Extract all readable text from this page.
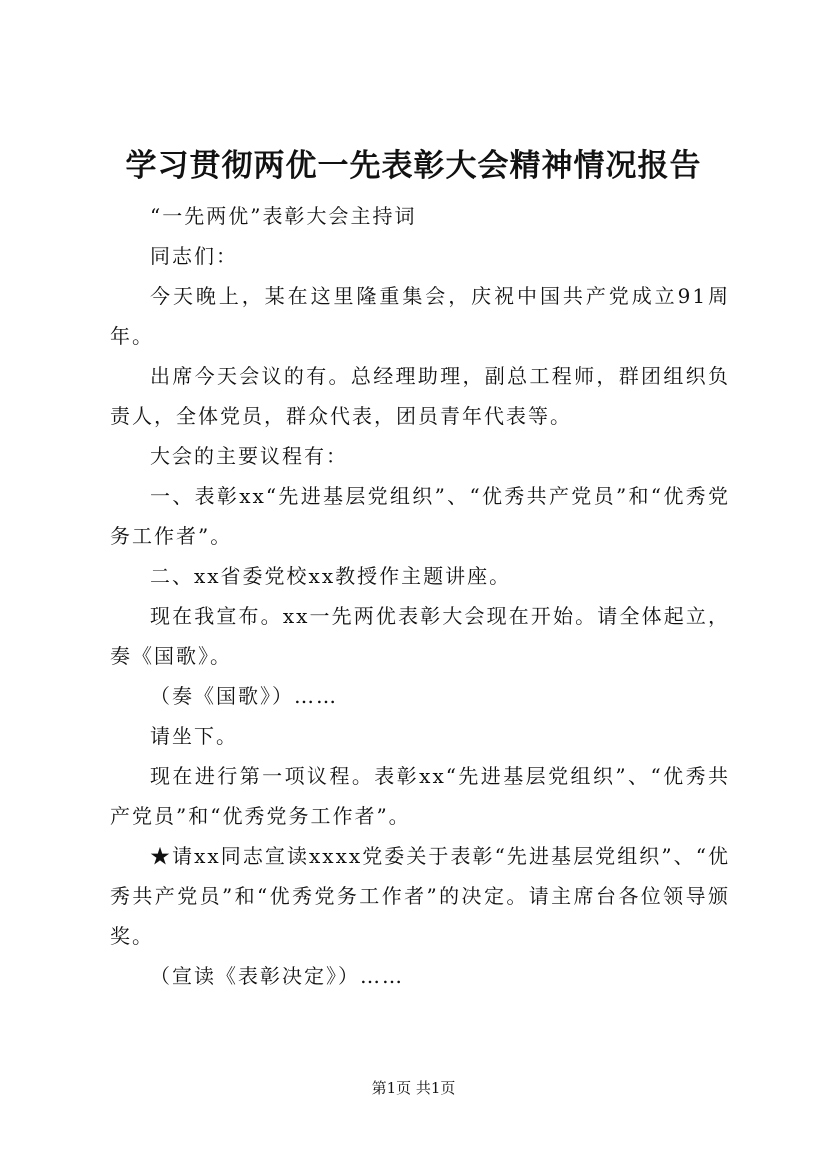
学习贯彻两优一先表彰大会精神情况报告

“一先两优”表彰大会主持词

同志们：

今天晚上，某在这里隆重集会，庆祝中国共产党成立91周年。

出席今天会议的有。总经理助理，副总工程师，群团组织负责人，全体党员，群众代表，团员青年代表等。

大会的主要议程有：

一、表彰xx“先进基层党组织”、“优秀共产党员”和“优秀党务工作者”。

二、xx省委党校xx教授作主题讲座。

现在我宣布。xx一先两优表彰大会现在开始。请全体起立，奏《国歌》。

（奏《国歌》）……

请坐下。

现在进行第一项议程。表彰xx“先进基层党组织”、“优秀共产党员”和“优秀党务工作者”。

★请xx同志宣读xxxx党委关于表彰“先进基层党组织”、“优秀共产党员”和“优秀党务工作者”的决定。请主席台各位领导颁奖。

（宣读《表彰决定》）……

第1页 共1页
